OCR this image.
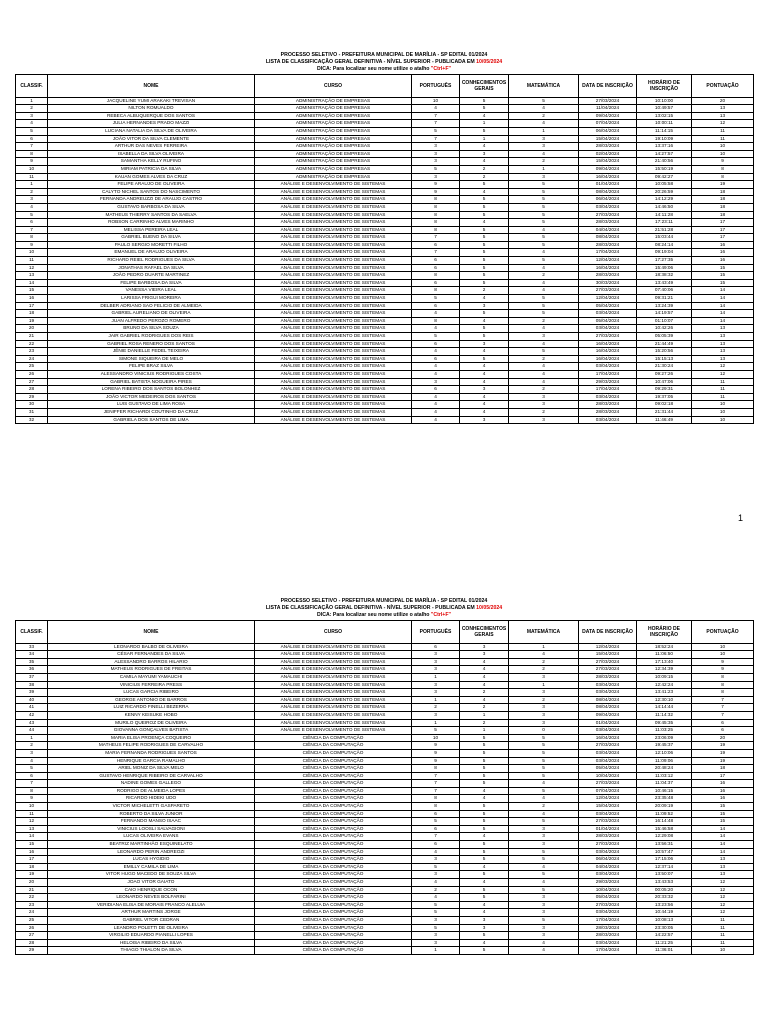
PROCESSO SELETIVO - PREFEITURA MUNICIPAL DE MARÍLIA - SP EDITAL 01/2024
LISTA DE CLASSIFICAÇÃO GERAL DEFINITIVA - NÍVEL SUPERIOR - PUBLICADA EM 10/05/2024
DICA: Para localizar seu nome utilize o atalho "Ctrl+F"
CLASSIF.	NOME	CURSO	PORTUGUÊS	CONHECIMENTOS GERAIS	MATEMÁTICA	DATA DE INSCRIÇÃO	HORÁRIO DE INSCRIÇÃO	PONTUAÇÃO
1	JACQUELINE YUMI ARAKAKI TREVISAN	ADMINISTRAÇÃO DE EMPRESAS	10	5	5	27/03/2024	10:10:00	20
2	NILTON ROMUALDO	ADMINISTRAÇÃO DE EMPRESAS	4	5	4	11/04/2024	10:49:57	13
3	REBECA ALBUQUERQUE DOS SANTOS	ADMINISTRAÇÃO DE EMPRESAS	7	4	2	09/04/2024	13:02:15	13
4	JULIA HERNANDES PRADO MAZZI	ADMINISTRAÇÃO DE EMPRESAS	7	1	4	07/04/2024	10:00:11	12
5	LUCIANA NATALIA DA SILVA DE OLIVEIRA	ADMINISTRAÇÃO DE EMPRESAS	5	5	1	06/04/2024	11:14:15	11
6	JOÃO VITOR DA SILVA CLEMENTE	ADMINISTRAÇÃO DE EMPRESAS	7	1	3	15/04/2024	19:10:09	11
7	ARTHUR DAS NEVES FERREIRA	ADMINISTRAÇÃO DE EMPRESAS	3	4	3	28/03/2024	13:37:16	10
8	ISABELLA DA SILVA OLIVEIRA	ADMINISTRAÇÃO DE EMPRESAS	3	3	4	02/04/2024	14:27:57	10
9	SAMANTHA KELLY RUFINO	ADMINISTRAÇÃO DE EMPRESAS	3	4	2	15/04/2024	21:40:56	9
10	MIRIAM PATRICIA DA SILVA	ADMINISTRAÇÃO DE EMPRESAS	5	2	1	09/04/2024	15:50:19	8
11	KAUAN GOMES ALVES DA CRUZ	ADMINISTRAÇÃO DE EMPRESAS	3	2	3	16/04/2024	09:42:27	8
1	FELIPE ARAUJO DE OLIVEIRA	ANÁLISE E DESENVOLVIMENTO DE SISTEMAS	9	5	5	01/04/2024	10:05:58	19
2	CALYTO NICHEL SANTOS DO NASCIMENTO	ANÁLISE E DESENVOLVIMENTO DE SISTEMAS	9	4	5	08/04/2024	20:26:59	18
3	FERNANDA ANDREUZZI DE ARAUJO CASTRO	ANÁLISE E DESENVOLVIMENTO DE SISTEMAS	8	5	5	06/04/2024	14:12:29	18
4	GUSTAVO BARBOSA DA SILVA	ANÁLISE E DESENVOLVIMENTO DE SISTEMAS	8	5	5	03/04/2024	14:46:50	18
5	MATHEUS THIERRY SANTOS DA SAELVA	ANÁLISE E DESENVOLVIMENTO DE SISTEMAS	8	5	5	27/03/2024	14:11:28	18
6	ROBSON CARRINHO ALVES MARINHO	ANÁLISE E DESENVOLVIMENTO DE SISTEMAS	8	4	5	28/03/2024	17:23:11	17
7	MELISSA PEREIRA LEAL	ANÁLISE E DESENVOLVIMENTO DE SISTEMAS	8	5	4	04/04/2024	21:51:28	17
8	GABRIEL BUENO DA SILVA	ANÁLISE E DESENVOLVIMENTO DE SISTEMAS	7	5	5	08/04/2024	15:03:44	17
9	PAULO SERGIO MORETTI FILHO	ANÁLISE E DESENVOLVIMENTO DE SISTEMAS	6	5	5	28/03/2024	08:24:14	16
10	EMANUEL DE ARAUJO OLIVEIRA	ANÁLISE E DESENVOLVIMENTO DE SISTEMAS	7	5	4	17/04/2024	09:19:04	16
11	RICHARD REIEL RODRIGUES DA SILVA	ANÁLISE E DESENVOLVIMENTO DE SISTEMAS	6	5	5	12/04/2024	17:27:35	16
12	JONATHAS RAFAEL DA SILVA	ANÁLISE E DESENVOLVIMENTO DE SISTEMAS	6	5	4	16/04/2024	15:49:06	15
13	JOÃO PEDRO DUARTE MARTINEZ	ANÁLISE E DESENVOLVIMENTO DE SISTEMAS	8	5	2	28/03/2024	18:38:32	15
14	FELIPE BARBOSA DA SILVA	ANÁLISE E DESENVOLVIMENTO DE SISTEMAS	6	5	4	30/03/2024	13:43:49	15
15	VANESSA VIEIRA LEAL	ANÁLISE E DESENVOLVIMENTO DE SISTEMAS	8	2	4	27/03/2024	07:40:06	14
16	LARISSA FRIGUI MOREIRA	ANÁLISE E DESENVOLVIMENTO DE SISTEMAS	5	4	5	12/04/2024	09:31:21	14
17	DELBER ADRIANO SAO FELICIO DE ALMEIDA	ANÁLISE E DESENVOLVIMENTO DE SISTEMAS	6	3	5	05/04/2024	13:24:39	14
18	GABRIEL AURELIANO DE OLIVEIRA	ANÁLISE E DESENVOLVIMENTO DE SISTEMAS	4	5	5	03/04/2024	14:19:57	14
19	JUAN ALFREDO PEROZO ROMERO	ANÁLISE E DESENVOLVIMENTO DE SISTEMAS	8	4	2	05/04/2024	01:10:07	14
20	BRUNO DA SILVA SOUZA	ANÁLISE E DESENVOLVIMENTO DE SISTEMAS	4	5	4	03/04/2024	10:42:26	13
21	JAIR GABRIEL RODRIGUES DOS REIS	ANÁLISE E DESENVOLVIMENTO DE SISTEMAS	5	5	3	27/03/2024	05:05:39	13
22	GABRIEL ROSA RENERO DOS SANTOS	ANÁLISE E DESENVOLVIMENTO DE SISTEMAS	6	3	4	16/04/2024	21:44:49	13
23	JÊNIE DANIELLE FEDEL TEIXEIRA	ANÁLISE E DESENVOLVIMENTO DE SISTEMAS	4	4	5	16/04/2024	15:20:56	13
24	SIMONE SIQUEIRA DE MELO	ANÁLISE E DESENVOLVIMENTO DE SISTEMAS	6	5	2	16/04/2024	15:15:13	13
25	FELIPE BRAZ SILVA	ANÁLISE E DESENVOLVIMENTO DE SISTEMAS	4	4	4	03/04/2024	21:30:24	12
26	ALESSANDRO VINICIUS RODRIGUES COSTA	ANÁLISE E DESENVOLVIMENTO DE SISTEMAS	4	4	4	17/04/2024	09:27:26	12
27	GABRIEL BATISTA NOGUEIRA PIRES	ANÁLISE E DESENVOLVIMENTO DE SISTEMAS	3	4	4	29/03/2024	10:47:06	11
28	LORENA RIBEIRO DOS SANTOS BOLONHEZ	ANÁLISE E DESENVOLVIMENTO DE SISTEMAS	6	3	2	17/04/2024	09:29:31	11
29	JOÃO VICTOR MEDEIROS DOS SANTOS	ANÁLISE E DESENVOLVIMENTO DE SISTEMAS	4	4	3	03/04/2024	19:37:05	11
30	LUIS GUSTAVO DE LIMA ROSA	ANÁLISE E DESENVOLVIMENTO DE SISTEMAS	4	4	3	28/03/2024	09:02:18	10
31	JENIFFER RICHARDI COUTINHO DA CRUZ	ANÁLISE E DESENVOLVIMENTO DE SISTEMAS	4	4	2	28/03/2024	21:31:44	10
32	GABRIELA DOS SANTOS DE LIMA	ANÁLISE E DESENVOLVIMENTO DE SISTEMAS	4	3	3	03/04/2024	11:46:49	10
1
PROCESSO SELETIVO - PREFEITURA MUNICIPAL DE MARÍLIA - SP EDITAL 01/2024
LISTA DE CLASSIFICAÇÃO GERAL DEFINITIVA - NÍVEL SUPERIOR - PUBLICADA EM 10/05/2024
DICA: Para localizar seu nome utilize o atalho "Ctrl+F"
CLASSIF.	NOME	CURSO	PORTUGUÊS	CONHECIMENTOS GERAIS	MATEMÁTICA	DATA DE INSCRIÇÃO	HORÁRIO DE INSCRIÇÃO	PONTUAÇÃO
33	LEONARDO BALBO DE OLIVEIRA	ANÁLISE E DESENVOLVIMENTO DE SISTEMAS	6	3	1	12/04/2024	18:52:24	10
34	CÉSAR FERNANDES DA SILVA	ANÁLISE E DESENVOLVIMENTO DE SISTEMAS	3	3	4	15/04/2024	11:06:50	10
35	ALESSANDRO BARROS HILARIO	ANÁLISE E DESENVOLVIMENTO DE SISTEMAS	3	4	2	27/03/2024	17:13:40	9
36	MATHEUS RODRIGUES DE FREITAS	ANÁLISE E DESENVOLVIMENTO DE SISTEMAS	3	4	2	27/03/2024	12:34:39	9
37	CAMILA MAYUMI YAMAUCHI	ANÁLISE E DESENVOLVIMENTO DE SISTEMAS	1	4	3	28/03/2024	10:09:15	8
38	VINICIUS FERREIRA PRESS	ANÁLISE E DESENVOLVIMENTO DE SISTEMAS	3	4	1	03/04/2024	12:42:24	8
39	LUCAS GARCIA RIBEIRO	ANÁLISE E DESENVOLVIMENTO DE SISTEMAS	3	2	3	03/04/2024	13:41:23	8
40	GEORGE ANTONIO DE BARROS	ANÁLISE E DESENVOLVIMENTO DE SISTEMAS	1	4	2	08/04/2024	12:30:10	7
41	LUIZ RICARDO FINELLI BEZERRA	ANÁLISE E DESENVOLVIMENTO DE SISTEMAS	2	2	3	08/04/2024	14:14:44	7
42	KENNY KEISUKE HOBO	ANÁLISE E DESENVOLVIMENTO DE SISTEMAS	3	1	3	09/04/2024	11:14:32	7
43	MURILO QUEIROZ DE OLIVEIRA	ANÁLISE E DESENVOLVIMENTO DE SISTEMAS	1	2	3	01/04/2024	09:45:35	6
44	GIOVANNA GONÇALVES BATISTA	ANÁLISE E DESENVOLVIMENTO DE SISTEMAS	5	1	0	03/04/2024	11:03:25	6
1	MARIA ELISA PROENÇA COQUEIRO	CIÊNCIA DA COMPUTAÇÃO	10	5	5	16/04/2024	23:06:09	20
2	MATHEUS FELIPE RODRIGUES DE CARVALHO	CIÊNCIA DA COMPUTAÇÃO	9	5	5	27/03/2024	19:45:37	19
3	MARIA FERNANDA RODRIGUES SANTOS	CIÊNCIA DA COMPUTAÇÃO	9	5	5	03/04/2024	12:10:06	19
4	HENRIQUE GARCIA RAMALHO	CIÊNCIA DA COMPUTAÇÃO	9	5	5	03/04/2024	11:09:06	19
5	ARIEL MONIZ DA SILVA MELO	CIÊNCIA DA COMPUTAÇÃO	8	5	5	05/04/2024	20:48:24	18
6	GUSTAVO HENRIQUE RIBEIRO DE CARVALHO	CIÊNCIA DA COMPUTAÇÃO	7	5	5	10/04/2024	11:03:12	17
7	NADINE GOMES GALLEGO	CIÊNCIA DA COMPUTAÇÃO	7	5	4	27/03/2024	11:04:37	16
8	RODRIGO DE ALMEIDA LOPES	CIÊNCIA DA COMPUTAÇÃO	7	4	5	07/04/2024	10:46:15	16
9	RICARDO HIDEKI UDO	CIÊNCIA DA COMPUTAÇÃO	8	4	4	12/04/2024	23:35:48	16
10	VICTOR MICHELETTI GASPARETO	CIÊNCIA DA COMPUTAÇÃO	8	5	2	15/04/2024	20:09:19	15
11	ROBERTO DA SILVA JUNIOR	CIÊNCIA DA COMPUTAÇÃO	6	5	4	03/04/2024	11:09:52	15
12	FERNANDO MANSO ISAAC	CIÊNCIA DA COMPUTAÇÃO	5	5	5	27/03/2024	16:14:48	15
13	VINICIUS LOOSLI SALVAGIONI	CIÊNCIA DA COMPUTAÇÃO	6	5	3	01/04/2024	15:46:58	14
14	LUCAS OLIVEIRA EVANS	CIÊNCIA DA COMPUTAÇÃO	7	4	3	28/03/2024	12:29:08	14
15	BEATRIZ MARTINHÃO ESQUINELATO	CIÊNCIA DA COMPUTAÇÃO	6	5	3	27/03/2024	13:56:31	14
16	LEONARDO PERIN ANDREOZI	CIÊNCIA DA COMPUTAÇÃO	4	5	5	03/04/2024	10:57:47	14
17	LUCAS HYGIDIO	CIÊNCIA DA COMPUTAÇÃO	3	5	5	06/04/2024	17:15:06	13
18	EMILLY CAMILA DE LIMA	CIÊNCIA DA COMPUTAÇÃO	5	4	4	04/04/2024	12:37:14	13
19	VITOR HUGO MACEDO DE SOUZA SILVA	CIÊNCIA DA COMPUTAÇÃO	3	5	5	03/04/2024	13:50:07	13
20	JOAO VITOR GAIATO	CIÊNCIA DA COMPUTAÇÃO	4	4	4	29/03/2024	13:43:53	12
21	CAIO HENRIQUE OCON	CIÊNCIA DA COMPUTAÇÃO	2	5	5	10/04/2024	00:05:20	12
22	LEONARDO NEVES BOLFARINI	CIÊNCIA DA COMPUTAÇÃO	4	5	3	05/04/2024	20:33:32	12
23	VERIDIANA ELISA DE MORAIS FRANCO ALELUIA	CIÊNCIA DA COMPUTAÇÃO	5	4	3	27/03/2024	13:23:56	12
24	ARTHUR MARTINS JORGE	CIÊNCIA DA COMPUTAÇÃO	5	4	3	03/04/2024	10:44:19	12
25	GABRIEL VITOR CEDRAN	CIÊNCIA DA COMPUTAÇÃO	3	3	5	17/04/2024	10:08:13	11
26	LEANDRO POLETTI DE OLIVEIRA	CIÊNCIA DA COMPUTAÇÃO	5	3	3	28/03/2024	23:30:05	11
27	VIRGILIO EDUARDO PIANELLI LOPES	CIÊNCIA DA COMPUTAÇÃO	3	5	3	28/03/2024	14:22:57	11
28	HELOISA RIBEIRO DA SILVA	CIÊNCIA DA COMPUTAÇÃO	3	4	4	03/04/2024	11:21:25	11
29	THIAGO THIALON DA SILVA	CIÊNCIA DA COMPUTAÇÃO	1	5	4	17/04/2024	11:36:01	10
